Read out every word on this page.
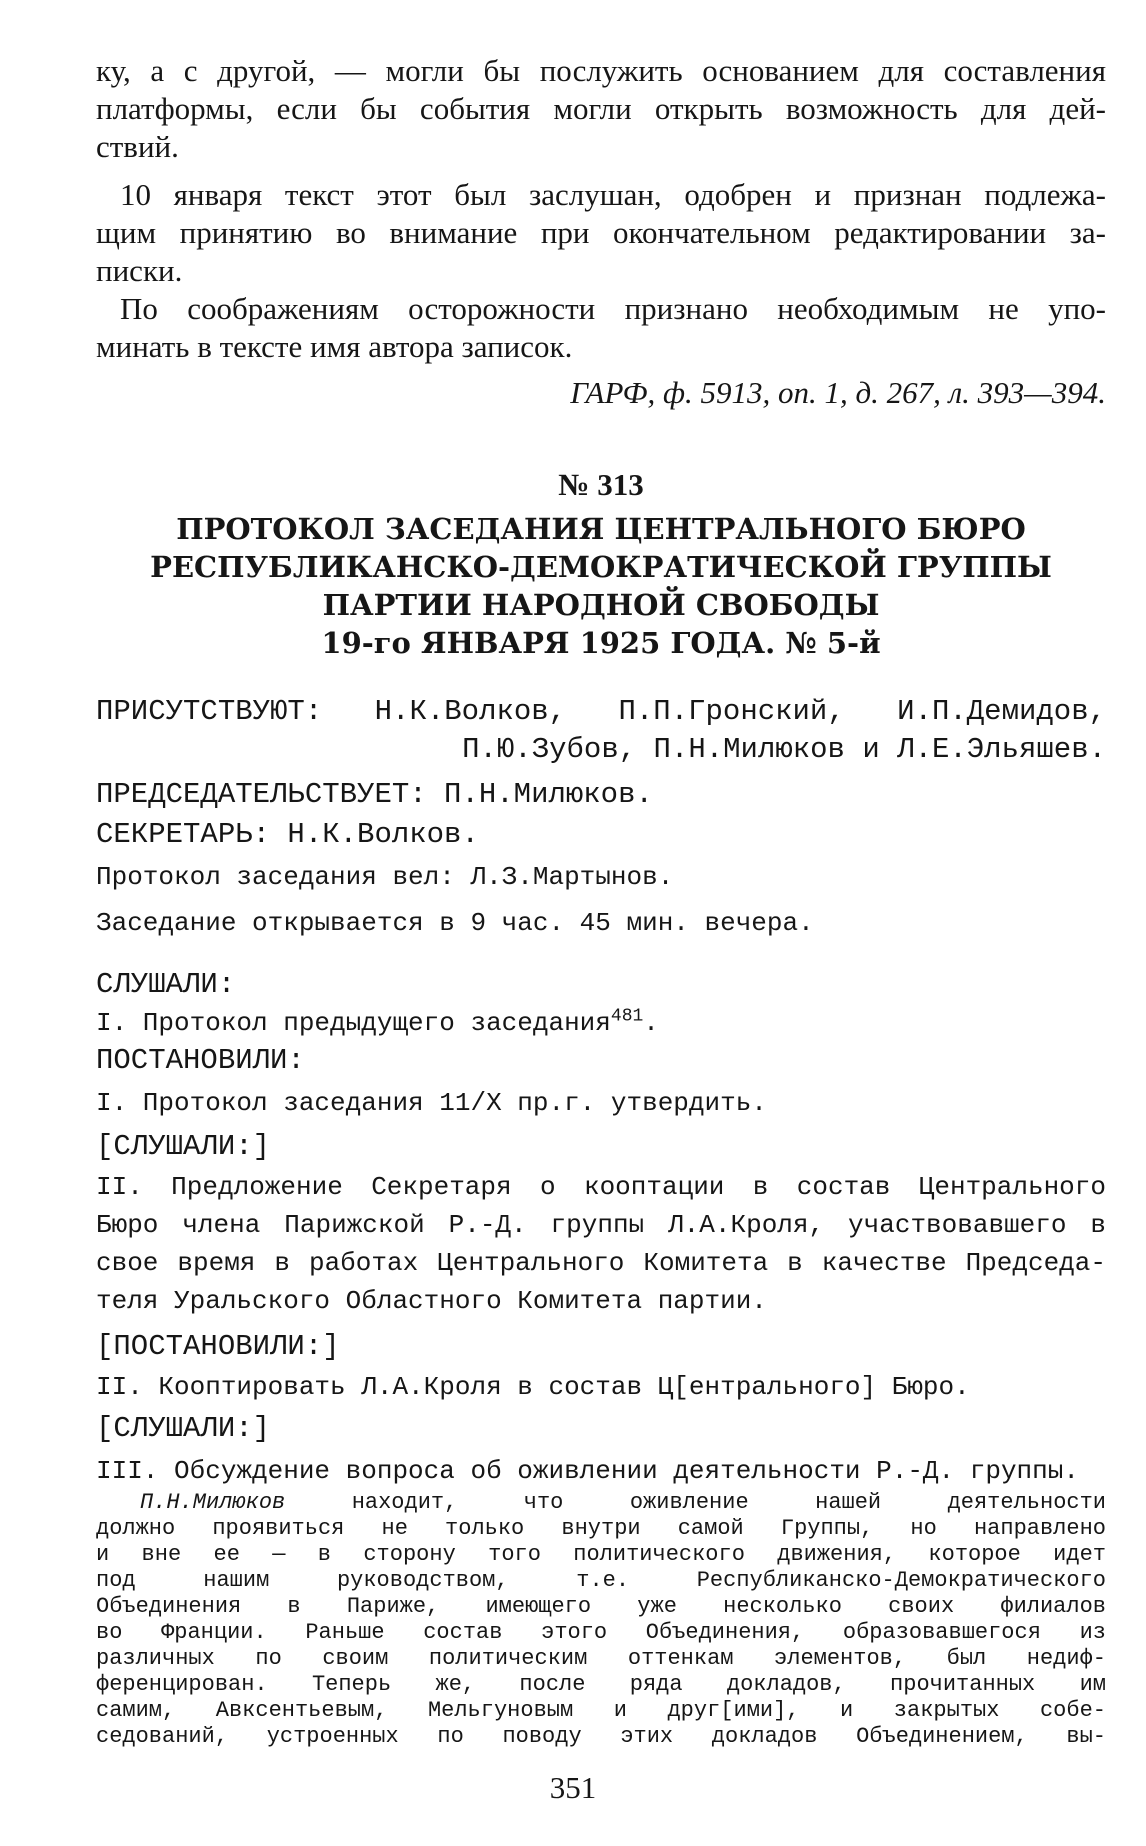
ку, а с другой, — могли бы послужить основанием для составления
платформы, если бы события могли открыть возможность для дей-
ствий.
10 января текст этот был заслушан, одобрен и признан подлежа-
щим принятию во внимание при окончательном редактировании за-
писки.
По соображениям осторожности признано необходимым не упо-
минать в тексте имя автора записок.
ГАРФ, ф. 5913, оп. 1, д. 267, л. 393—394.
№ 313
ПРОТОКОЛ ЗАСЕДАНИЯ ЦЕНТРАЛЬНОГО БЮРО
РЕСПУБЛИКАНСКО-ДЕМОКРАТИЧЕСКОЙ ГРУППЫ
ПАРТИИ НАРОДНОЙ СВОБОДЫ
19-го ЯНВАРЯ 1925 ГОДА. № 5-й
ПРИСУТСТВУЮТ: Н.К.Волков, П.П.Гронский, И.П.Демидов,
П.Ю.Зубов, П.Н.Милюков и Л.Е.Эльяшев.
ПРЕДСЕДАТЕЛЬСТВУЕТ: П.Н.Милюков.
СЕКРЕТАРЬ: Н.К.Волков.
Протокол заседания вел: Л.З.Мартынов.
Заседание открывается в 9 час. 45 мин. вечера.
СЛУШАЛИ:
I. Протокол предыдущего заседания$^{481}$.
ПОСТАНОВИЛИ:
I. Протокол заседания 11/X пр.г. утвердить.
[СЛУШАЛИ:]
II. Предложение Секретаря о кооптации в состав Центрального
Бюро члена Парижской Р.-Д. группы Л.А.Кроля, участвовавшего в
свое время в работах Центрального Комитета в качестве Председа-
теля Уральского Областного Комитета партии.
[ПОСТАНОВИЛИ:]
II. Кооптировать Л.А.Кроля в состав Ц[ентрального] Бюро.
[СЛУШАЛИ:]
III. Обсуждение вопроса об оживлении деятельности Р.-Д. группы.
П.Н.Милюков	находит, что оживление нашей деятельности
должно проявиться не только внутри самой Группы, но направлено
и вне ее — в сторону того политического движения, которое идет
под нашим руководством, т.е. Республиканско-Демократического
Объединения в Париже, имеющего уже несколько своих филиалов
во Франции. Раньше состав этого Объединения, образовавшегося из
различных по своим политическим оттенкам элементов, был недиф-
351
ференцирован. Теперь же, после ряда докладов, прочитанных им
самим, Авксентьевым, Мельгуновым и друг[ими], и закрытых собе-
седований, устроенных по поводу этих докладов Объединением, вы-
